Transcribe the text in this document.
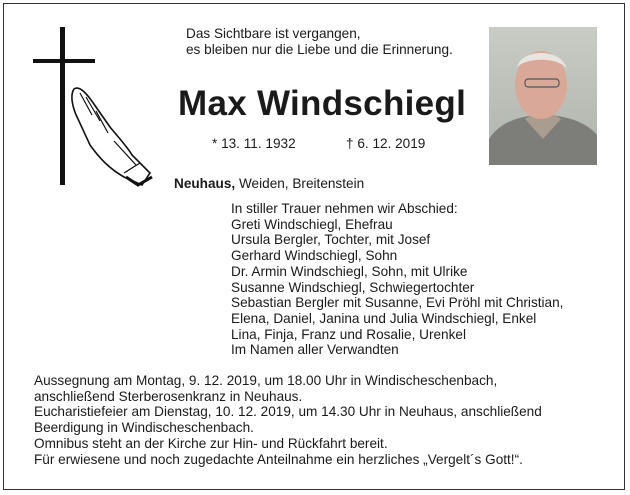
Das Sichtbare ist vergangen,
es bleiben nur die Liebe und die Erinnerung.
Max Windschiegl
* 13. 11. 1932	† 6. 12. 2019
Neuhaus, Weiden, Breitenstein
In stiller Trauer nehmen wir Abschied:
Greti Windschiegl, Ehefrau
Ursula Bergler, Tochter, mit Josef
Gerhard Windschiegl, Sohn
Dr. Armin Windschiegl, Sohn, mit Ulrike
Susanne Windschiegl, Schwiegertochter
Sebastian Bergler mit Susanne, Evi Pröhl mit Christian,
Elena, Daniel, Janina und Julia Windschiegl, Enkel
Lina, Finja, Franz und Rosalie, Urenkel
Im Namen aller Verwandten
Aussegnung am Montag, 9. 12. 2019, um 18.00 Uhr in Windischeschenbach,
anschließend Sterberosenkranz in Neuhaus.
Eucharistiefeier am Dienstag, 10. 12. 2019, um 14.30 Uhr in Neuhaus, anschließend
Beerdigung in Windischeschenbach.
Omnibus steht an der Kirche zur Hin- und Rückfahrt bereit.
Für erwiesene und noch zugedachte Anteilnahme ein herzliches „Vergelt´s Gott!“.
